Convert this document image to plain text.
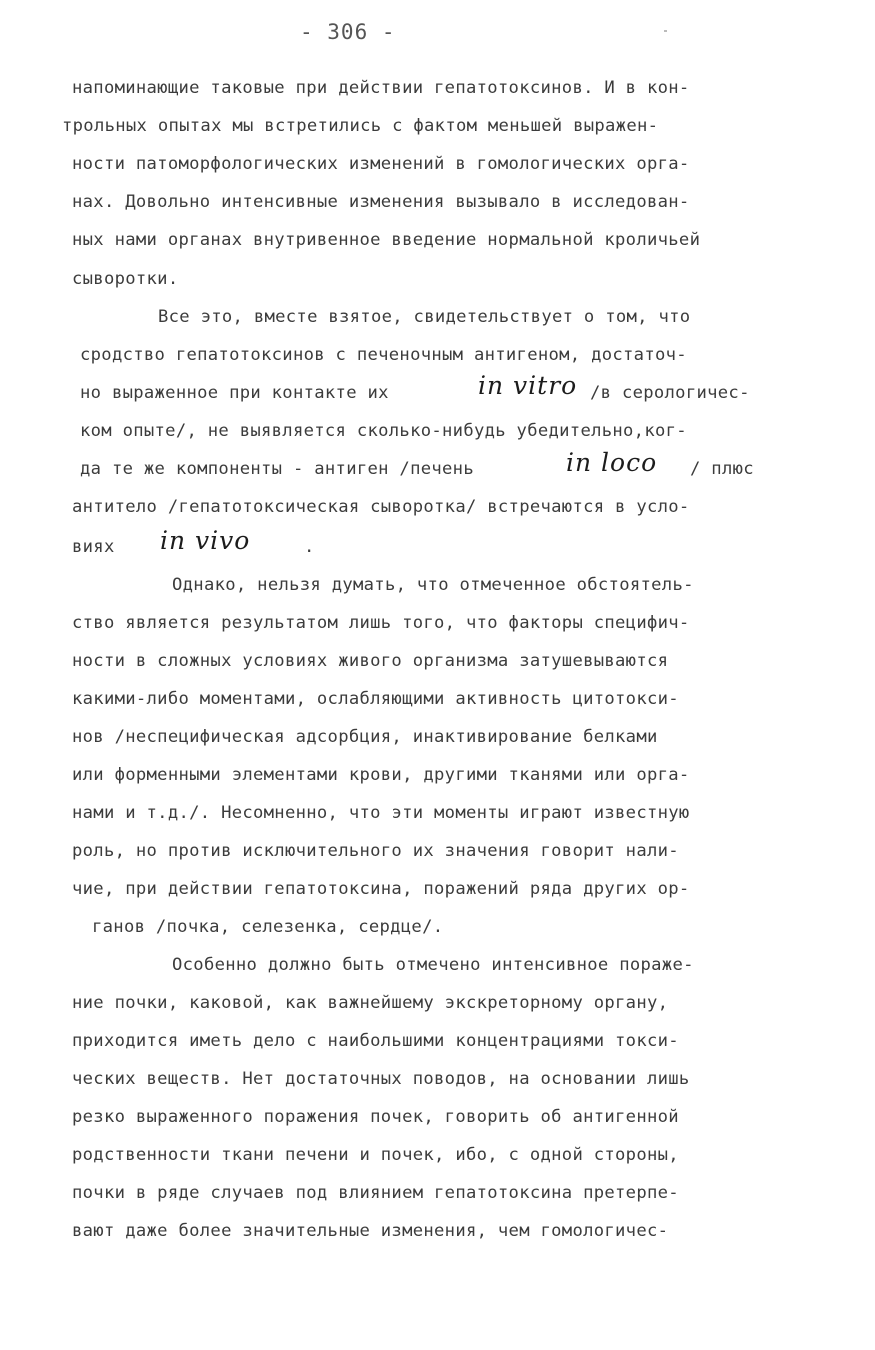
- 306 -
напоминающие таковые при действии гепатотоксинов. И в кон-
трольных опытах мы встретились с фактом меньшей выражен-
ности патоморфологических изменений в гомологических орга-
нах. Довольно интенсивные изменения вызывало в исследован-
ных нами органах внутривенное введение нормальной кроличьей
сыворотки.
Все это, вместе взятое, свидетельствует о том, что
сродство гепатотоксинов с печеночным антигеном, достаточ-
но выраженное при контакте их	in vitro /в серологичес-
ком опыте/, не выявляется сколько-нибудь убедительно,ког-
да те же компоненты - антиген /печень	in loco / плюс
антитело /гепатотоксическая сыворотка/ встречаются в усло-
виях in vivo	.
Однако, нельзя думать, что отмеченное обстоятель-
ство является результатом лишь того, что факторы специфич-
ности в сложных условиях живого организма затушевываются
какими-либо моментами, ослабляющими активность цитотокси-
нов /неспецифическая адсорбция, инактивирование белками
или форменными элементами крови, другими тканями или орга-
нами и т.д./. Несомненно, что эти моменты играют известную
роль, но против исключительного их значения говорит нали-
чие, при действии гепатотоксина, поражений ряда других ор-
ганов /почка, селезенка, сердце/.
Особенно должно быть отмечено интенсивное пораже-
ние почки, каковой, как важнейшему экскреторному органу,
приходится иметь дело с наибольшими концентрациями токси-
ческих веществ. Нет достаточных поводов, на основании лишь
резко выраженного поражения почек, говорить об антигенной
родственности ткани печени и почек, ибо, с одной стороны,
почки в ряде случаев под влиянием гепатотоксина претерпе-
вают даже более значительные изменения, чем гомологичес-
